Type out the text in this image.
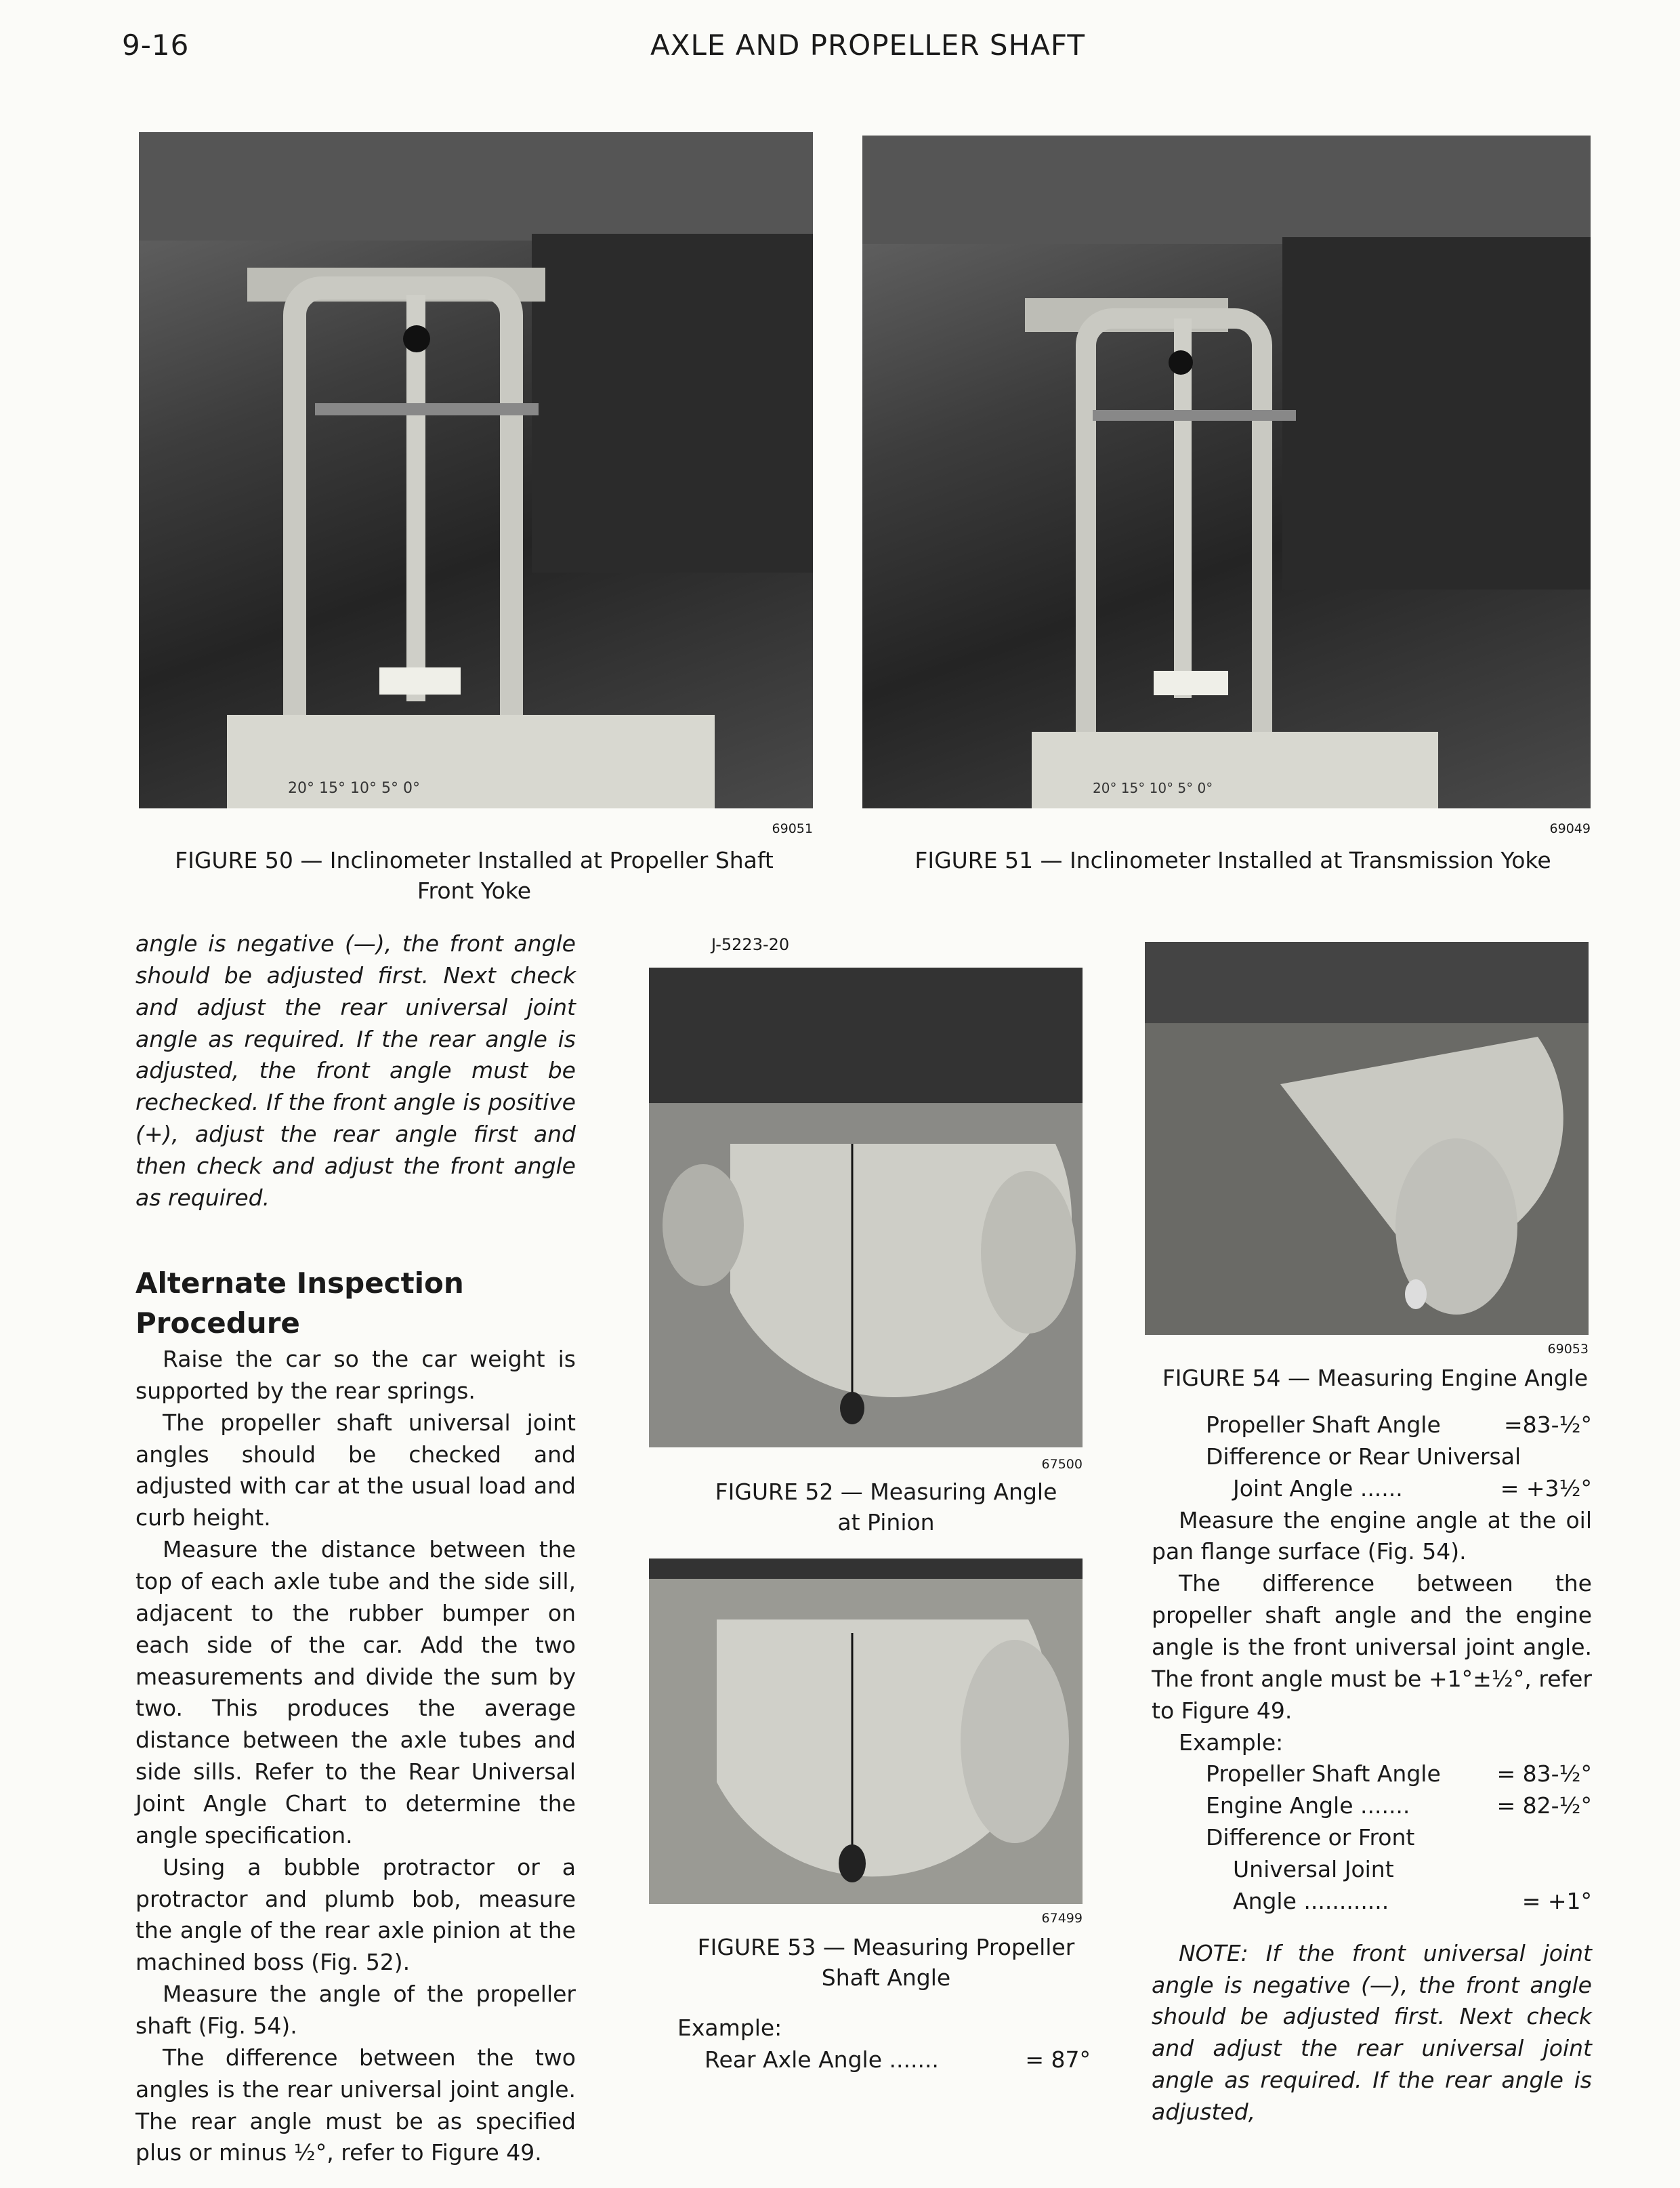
9-16	AXLE AND PROPELLER SHAFT
20° 15° 10° 5° 0°
69051
FIGURE 50 — Inclinometer Installed at Propeller Shaft
Front Yoke
20° 15° 10° 5° 0°
69049
FIGURE 51 — Inclinometer Installed at Transmission Yoke

angle is negative (—), the front angle should be adjusted first. Next check and adjust the rear universal joint angle as required. If the rear angle is adjusted, the front angle must be rechecked. If the front angle is positive (+), adjust the rear angle first and then check and adjust the front angle as required.

Alternate Inspection Procedure

Raise the car so the car weight is supported by the rear springs.

The propeller shaft universal joint angles should be checked and adjusted with car at the usual load and curb height.

Measure the distance between the top of each axle tube and the side sill, adjacent to the rubber bumper on each side of the car. Add the two measurements and divide the sum by two. This produces the average distance between the axle tubes and side sills. Refer to the Rear Universal Joint Angle Chart to determine the angle specification.

Using a bubble protractor or a protractor and plumb bob, measure the angle of the rear axle pinion at the machined boss (Fig. 52).

Measure the angle of the propeller shaft (Fig. 54).

The difference between the two angles is the rear universal joint angle. The rear angle must be as specified plus or minus ½°, refer to Figure 49.

J-5223-20
67500
FIGURE 52 — Measuring Angle
at Pinion
67499
FIGURE 53 — Measuring Propeller
Shaft Angle
Example:
Rear Axle Angle .......	= 87°
69053
FIGURE 54 — Measuring Engine Angle
Propeller Shaft Angle	=83-½°
Difference or Rear Universal
Joint Angle ......	= +3½°

Measure the engine angle at the oil pan flange surface (Fig. 54).

The difference between the propeller shaft angle and the engine angle is the front universal joint angle. The front angle must be +1°±½°, refer to Figure 49.

Example:
Propeller Shaft Angle	= 83-½°
Engine Angle .......	= 82-½°
Difference or Front
Universal Joint
Angle ............	= +1°

NOTE: If the front universal joint angle is negative (—), the front angle should be adjusted first. Next check and adjust the rear universal joint angle as required. If the rear angle is adjusted,
